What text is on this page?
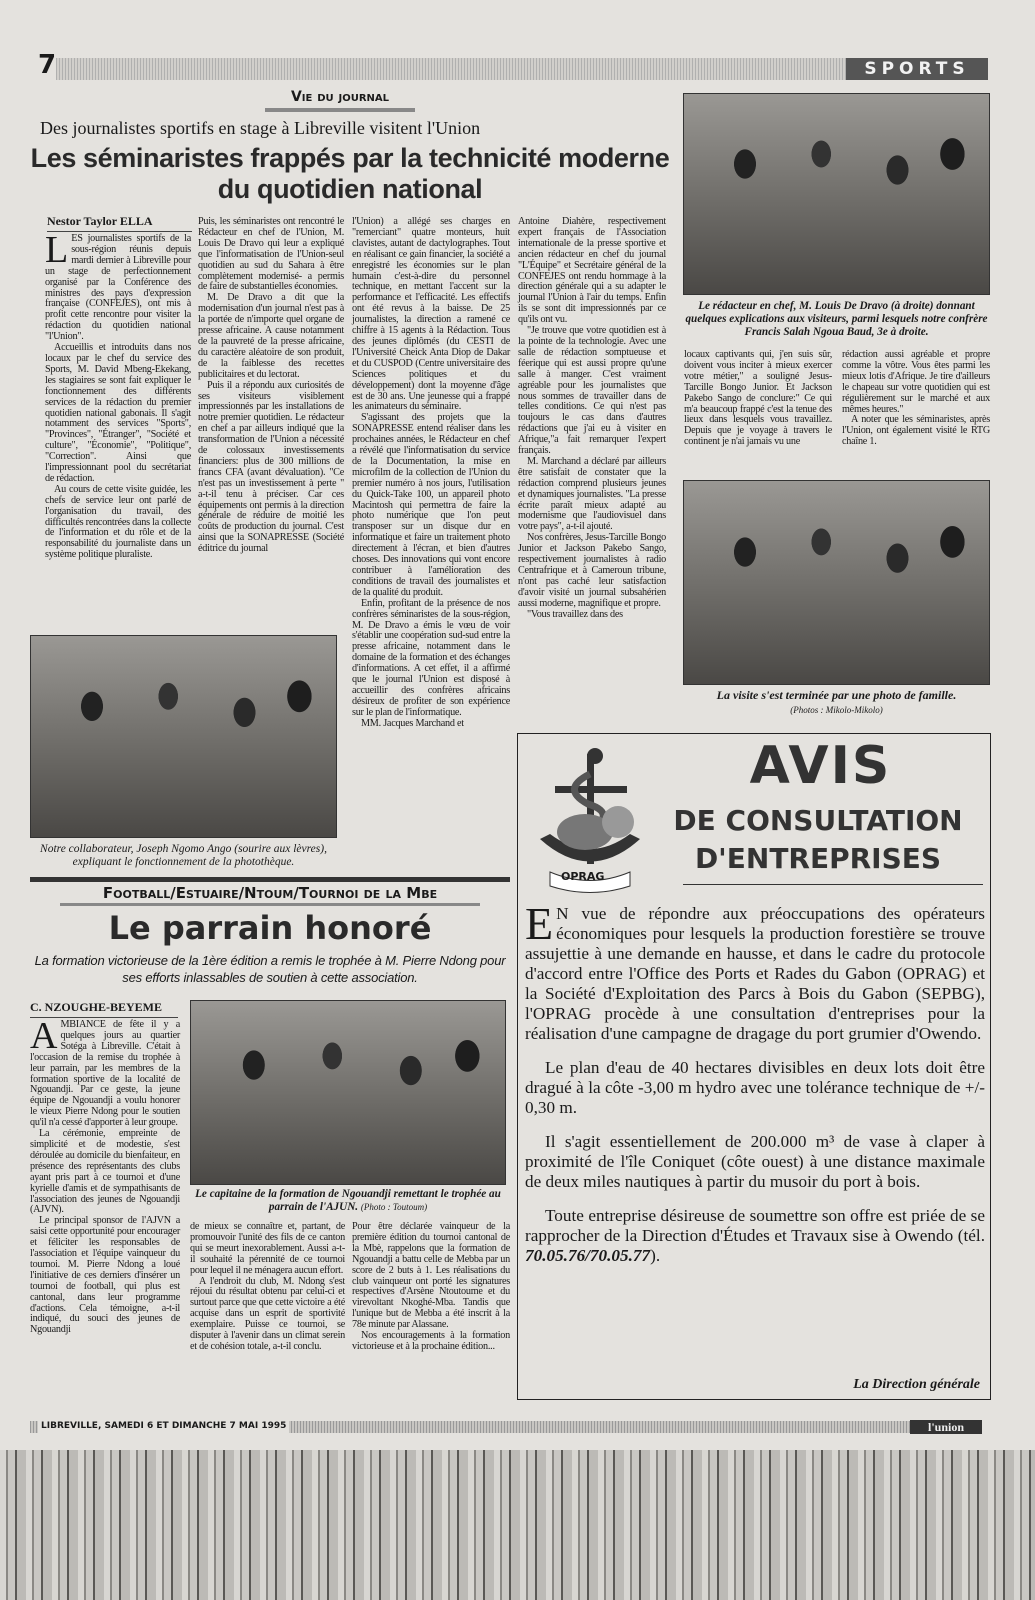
7	SPORTS
Vie du journal
Des journalistes sportifs en stage à Libreville visitent l'Union
Les séminaristes frappés par la technicité moderne du quotidien national
Nestor Taylor ELLA

LES journalistes sportifs de la sous-région réunis depuis mardi dernier à Libreville pour un stage de perfectionnement organisé par la Conférence des ministres des pays d'expression française (CONFEJES), ont mis à profit cette rencontre pour visiter la rédaction du quotidien national "l'Union".

Accueillis et introduits dans nos locaux par le chef du service des Sports, M. David Mbeng-Ekekang, les stagiaires se sont fait expliquer le fonctionnement des différents services de la rédaction du premier quotidien national gabonais. Il s'agit notamment des services "Sports", "Provinces", "Étranger", "Société et culture", "Économie", "Politique", "Correction". Ainsi que l'impressionnant pool du secrétariat de rédaction.

Au cours de cette visite guidée, les chefs de service leur ont parlé de l'organisation du travail, des difficultés rencontrées dans la collecte de l'information et du rôle et de la responsabilité du journaliste dans un système politique pluraliste.

Puis, les séminaristes ont rencontré le Rédacteur en chef de l'Union, M. Louis De Dravo qui leur a expliqué que l'informatisation de l'Union-seul quotidien au sud du Sahara à être complètement modernisé- a permis de faire de substantielles économies.

M. De Dravo a dit que la modernisation d'un journal n'est pas à la portée de n'importe quel organe de presse africaine. A cause notamment de la pauvreté de la presse africaine, du caractère aléatoire de son produit, de la faiblesse des recettes publicitaires et du lectorat.

Puis il a répondu aux curiosités de ses visiteurs visiblement impressionnés par les installations de notre premier quotidien. Le rédacteur en chef a par ailleurs indiqué que la transformation de l'Union a nécessité de colossaux investissements financiers: plus de 300 millions de francs CFA (avant dévaluation). "Ce n'est pas un investissement à perte " a-t-il tenu à préciser. Car ces équipements ont permis à la direction générale de réduire de moitié les coûts de production du journal. C'est ainsi que la SONAPRESSE (Société éditrice du journal

l'Union) a allégé ses charges en "remerciant" quatre monteurs, huit clavistes, autant de dactylographes. Tout en réalisant ce gain financier, la société a enregistré les économies sur le plan humain c'est-à-dire du personnel technique, en mettant l'accent sur la performance et l'efficacité. Les effectifs ont été revus à la baisse. De 25 journalistes, la direction a ramené ce chiffre à 15 agents à la Rédaction. Tous des jeunes diplômés (du CESTI de l'Université Cheick Anta Diop de Dakar et du CUSPOD (Centre universitaire des Sciences politiques et du développement) dont la moyenne d'âge est de 30 ans. Une jeunesse qui a frappé les animateurs du séminaire.

S'agissant des projets que la SONAPRESSE entend réaliser dans les prochaines années, le Rédacteur en chef a révélé que l'informatisation du service de la Documentation, la mise en microfilm de la collection de l'Union du premier numéro à nos jours, l'utilisation du Quick-Take 100, un appareil photo Macintosh qui permettra de faire la photo numérique que l'on peut transposer sur un disque dur en informatique et faire un traitement photo directement à l'écran, et bien d'autres choses. Des innovations qui vont encore contribuer à l'amélioration des conditions de travail des journalistes et de la qualité du produit.

Enfin, profitant de la présence de nos confrères séminaristes de la sous-région, M. De Dravo a émis le vœu de voir s'établir une coopération sud-sud entre la presse africaine, notamment dans le domaine de la formation et des échanges d'informations. A cet effet, il a affirmé que le journal l'Union est disposé à accueillir des confrères africains désireux de profiter de son expérience sur le plan de l'informatique.

MM. Jacques Marchand et

Antoine Diahère, respectivement expert français de l'Association internationale de la presse sportive et ancien rédacteur en chef du journal "L'Équipe" et Secrétaire général de la CONFEJES ont rendu hommage à la direction générale qui a su adapter le journal l'Union à l'air du temps. Enfin ils se sont dit impressionnés par ce qu'ils ont vu.

"Je trouve que votre quotidien est à la pointe de la technologie. Avec une salle de rédaction somptueuse et féerique qui est aussi propre qu'une salle à manger. C'est vraiment agréable pour les journalistes que nous sommes de travailler dans de telles conditions. Ce qui n'est pas toujours le cas dans d'autres rédactions que j'ai eu à visiter en Afrique,"a fait remarquer l'expert français.

M. Marchand a déclaré par ailleurs être satisfait de constater que la rédaction comprend plusieurs jeunes et dynamiques journalistes. "La presse écrite paraît mieux adapté au modernisme que l'audiovisuel dans votre pays", a-t-il ajouté.

Nos confrères, Jesus-Tarcille Bongo Junior et Jackson Pakebo Sango, respectivement journalistes à radio Centrafrique et à Cameroun tribune, n'ont pas caché leur satisfaction d'avoir visité un journal subsahérien aussi moderne, magnifique et propre.

"Vous travaillez dans des

locaux captivants qui, j'en suis sûr, doivent vous inciter à mieux exercer votre métier," a souligné Jesus-Tarcille Bongo Junior. Et Jackson Pakebo Sango de conclure:" Ce qui m'a beaucoup frappé c'est la tenue des lieux dans lesquels vous travaillez. Depuis que je voyage à travers le continent je n'ai jamais vu une

rédaction aussi agréable et propre comme la vôtre. Vous êtes parmi les mieux lotis d'Afrique. Je tire d'ailleurs le chapeau sur votre quotidien qui est régulièrement sur le marché et aux mêmes heures."

A noter que les séminaristes, après l'Union, ont également visité le RTG chaîne 1.

Le rédacteur en chef, M. Louis De Dravo (à droite) donnant quelques explications aux visiteurs, parmi lesquels notre confrère Francis Salah Ngoua Baud, 3e à droite.
La visite s'est terminée par une photo de famille.
(Photos : Mikolo-Mikolo)
Notre collaborateur, Joseph Ngomo Ango (sourire aux lèvres), expliquant le fonctionnement de la photothèque.
Football/Estuaire/Ntoum/Tournoi de la Mbe
Le parrain honoré
La formation victorieuse de la 1ère édition a remis le trophée à M. Pierre Ndong pour ses efforts inlassables de soutien à cette association.
C. NZOUGHE-BEYEME

AMBIANCE de fête il y a quelques jours au quartier Sotéga à Libreville. C'était à l'occasion de la remise du trophée à leur parrain, par les membres de la formation sportive de la localité de Ngouandji. Par ce geste, la jeune équipe de Ngouandji a voulu honorer le vieux Pierre Ndong pour le soutien qu'il n'a cessé d'apporter à leur groupe.

La cérémonie, empreinte de simplicité et de modestie, s'est déroulée au domicile du bienfaiteur, en présence des représentants des clubs ayant pris part à ce tournoi et d'une kyrielle d'amis et de sympathisants de l'association des jeunes de Ngouandji (AJVN).

Le principal sponsor de l'AJVN a saisi cette opportunité pour encourager et féliciter les responsables de l'association et l'équipe vainqueur du tournoi. M. Pierre Ndong a loué l'initiative de ces derniers d'insérer un tournoi de football, qui plus est cantonal, dans leur programme d'actions. Cela témoigne, a-t-il indiqué, du souci des jeunes de Ngouandji

de mieux se connaître et, partant, de promouvoir l'unité des fils de ce canton qui se meurt inexorablement. Aussi a-t-il souhaité la pérennité de ce tournoi pour lequel il ne ménagera aucun effort.

A l'endroit du club, M. Ndong s'est réjoui du résultat obtenu par celui-ci et surtout parce que que cette victoire a été acquise dans un esprit de sportivité exemplaire. Puisse ce tournoi, se disputer à l'avenir dans un climat serein et de cohésion totale, a-t-il conclu.

Pour être déclarée vainqueur de la première édition du tournoi cantonal de la Mbè, rappelons que la formation de Ngouandji a battu celle de Mebba par un score de 2 buts à 1. Les réalisations du club vainqueur ont porté les signatures respectives d'Arsène Ntoutoume et du virevoltant Nkoghé-Mba. Tandis que l'unique but de Mebba a été inscrit à la 78e minute par Alassane.

Nos encouragements à la formation victorieuse et à la prochaine édition...

Le capitaine de la formation de Ngouandji remettant le trophée au parrain de l'AJUN. (Photo : Toutoum)
OPRAG
AVIS
DE CONSULTATION
D'ENTREPRISES

E N vue de répondre aux préoccupations des opérateurs économiques pour lesquels la production forestière se trouve assujettie à une demande en hausse, et dans le cadre du protocole d'accord entre l'Office des Ports et Rades du Gabon (OPRAG) et la Société d'Exploitation des Parcs à Bois du Gabon (SEPBG), l'OPRAG procède à une consultation d'entreprises pour la réalisation d'une campagne de dragage du port grumier d'Owendo.

Le plan d'eau de 40 hectares divisibles en deux lots doit être dragué à la côte -3,00 m hydro avec une tolérance technique de +/- 0,30 m.

Il s'agit essentiellement de 200.000 m³ de vase à claper à proximité de l'île Coniquet (côte ouest) à une distance maximale de deux miles nautiques à partir du musoir du port à bois.

Toute entreprise désireuse de soumettre son offre est priée de se rapprocher de la Direction d'Études et Travaux sise à Owendo (tél. 70.05.76/70.05.77).

La Direction générale
LIBREVILLE, SAMEDI 6 ET DIMANCHE 7 MAI 1995	l'union
